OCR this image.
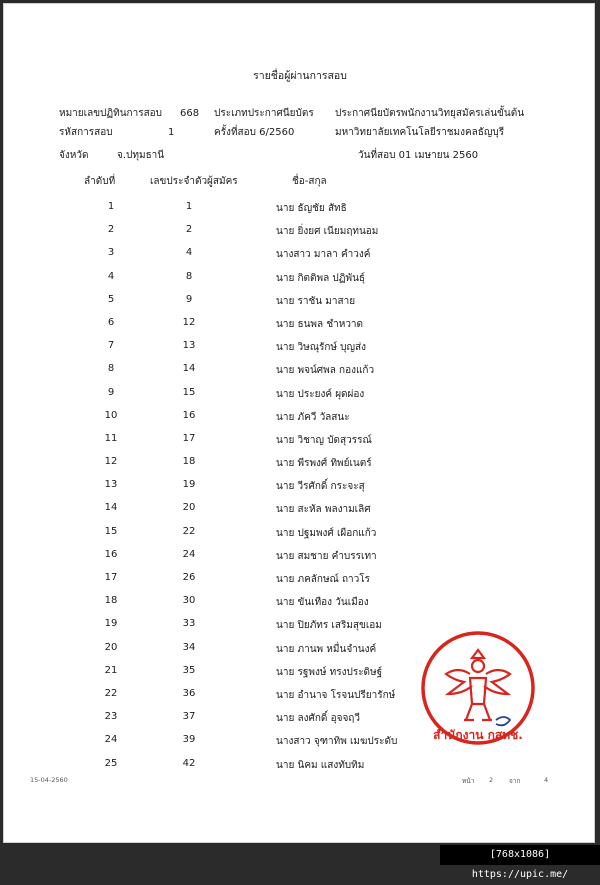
รายชื่อผู้ผ่านการสอบ
หมายเลขปฏิทินการสอบ 668 ประเภทประกาศนียบัตร ประกาศนียบัตรพนักงานวิทยุสมัครเล่นขั้นต้น
รหัสการสอบ	1	ครั้งที่สอบ 6/2560	มหาวิทยาลัยเทคโนโลยีราชมงคลธัญบุรี
จังหวัด	จ.ปทุมธานี	วันที่สอบ 01 เมษายน 2560
ลำดับที่	เลขประจำตัวผู้สมัคร	ชื่อ-สกุล
1	1	นาย ธัญชัย สัทธิ
2	2	นาย ยิ่งยศ เนียมฤทนอม
3	4	นางสาว มาลา คำวงค์
4	8	นาย กิตติพล ปฏิพันธุ์
5	9	นาย ราชัน มาสาย
6	12	นาย ธนพล ชำหวาด
7	13	นาย วิษณุรักษ์ บุญส่ง
8	14	นาย พจน์ศพล กองแก้ว
9	15	นาย ประยงค์ ผุดผ่อง
10	16	นาย ภัควี วัลสนะ
11	17	นาย วิชาญ บัดสุวรรณ์
12	18	นาย พีรพงศ์ ทิพย์เนตร์
13	19	นาย วีรศักดิ์ กระจะสุ
14	20	นาย สะหัล พลงามเลิศ
15	22	นาย ปฐมพงศ์ เผือกแก้ว
16	24	นาย สมชาย คำบรรเทา
17	26	นาย ภคลักษณ์ ถาวโร
18	30	นาย ขันเทือง วันเมือง
19	33	นาย ปิยภัทร เสริมสุขเอม
20	34	นาย ภานพ หมื่นจำนงค์
21	35	นาย รฐพงษ์ ทรงประดิษฐ์
22	36	นาย อำนาจ โรจนปรียารักษ์
23	37	นาย ลงศักดิ์ อุจจฤวี
24	39	นางสาว จุฑาทิพ เมฆประดับ
25	42	นาย นิคม แสงทับทิม
สำนักงาน กสทช.
15-04-2560	หน้า 2 จาก	4
[768x1086] https://upic.me/
